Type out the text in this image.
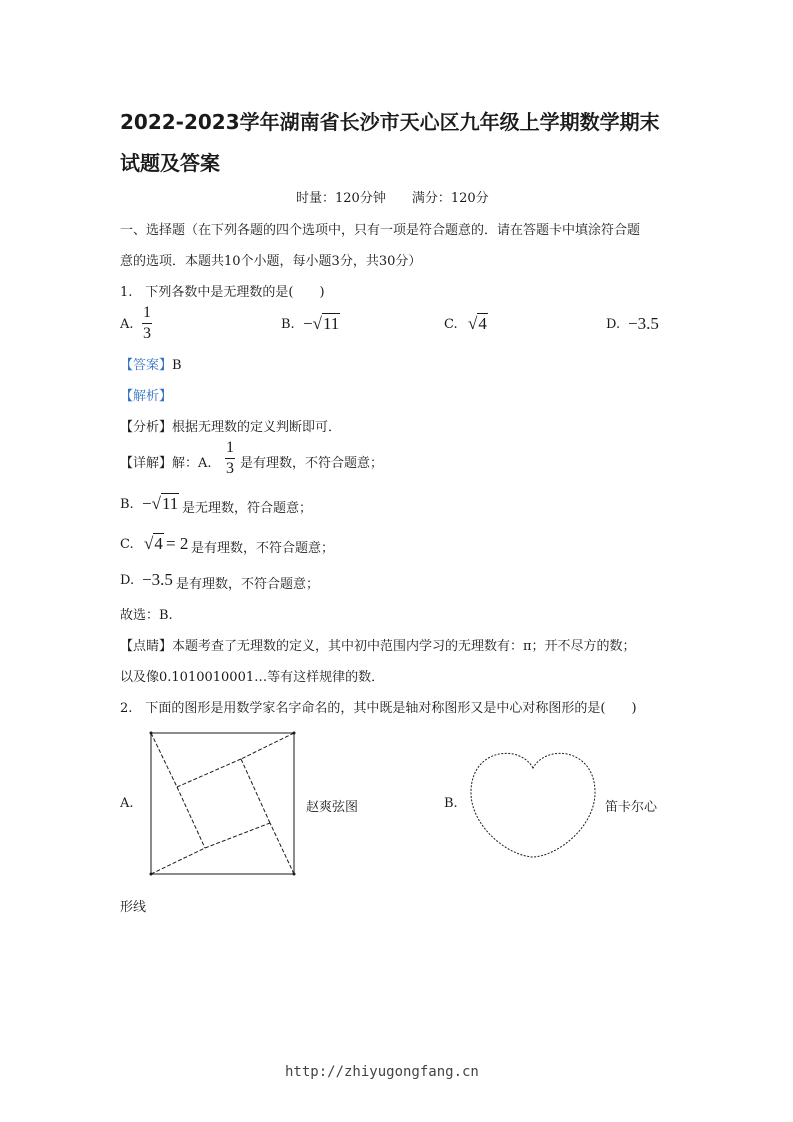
2022-2023学年湖南省长沙市天心区九年级上学期数学期末
试题及答案
时量：120分钟　　满分：120分
一、选择题（在下列各题的四个选项中，只有一项是符合题意的．请在答题卡中填涂符合题
意的选项．本题共10个小题，每小题3分，共30分）
1.　下列各数中是无理数的是(　　)
A. $\frac{1}{3}$	B. −√11	C. √4	D. −3.5
【答案】B
【解析】
【分析】根据无理数的定义判断即可．
【详解】解：A. $\frac{1}{3}$ 是有理数，不符合题意；
B. −√11 是无理数，符合题意；
C. √4 = 2 是有理数，不符合题意；
D. −3.5 是有理数，不符合题意；
故选：B.
【点睛】本题考查了无理数的定义，其中初中范围内学习的无理数有：π；开不尽方的数；
以及像0.1010010001…等有这样规律的数．
2.　下面的图形是用数学家名字命名的，其中既是轴对称图形又是中心对称图形的是(　　)
A.	赵爽弦图	B.	笛卡尔心
形线
http://zhiyugongfang.cn
